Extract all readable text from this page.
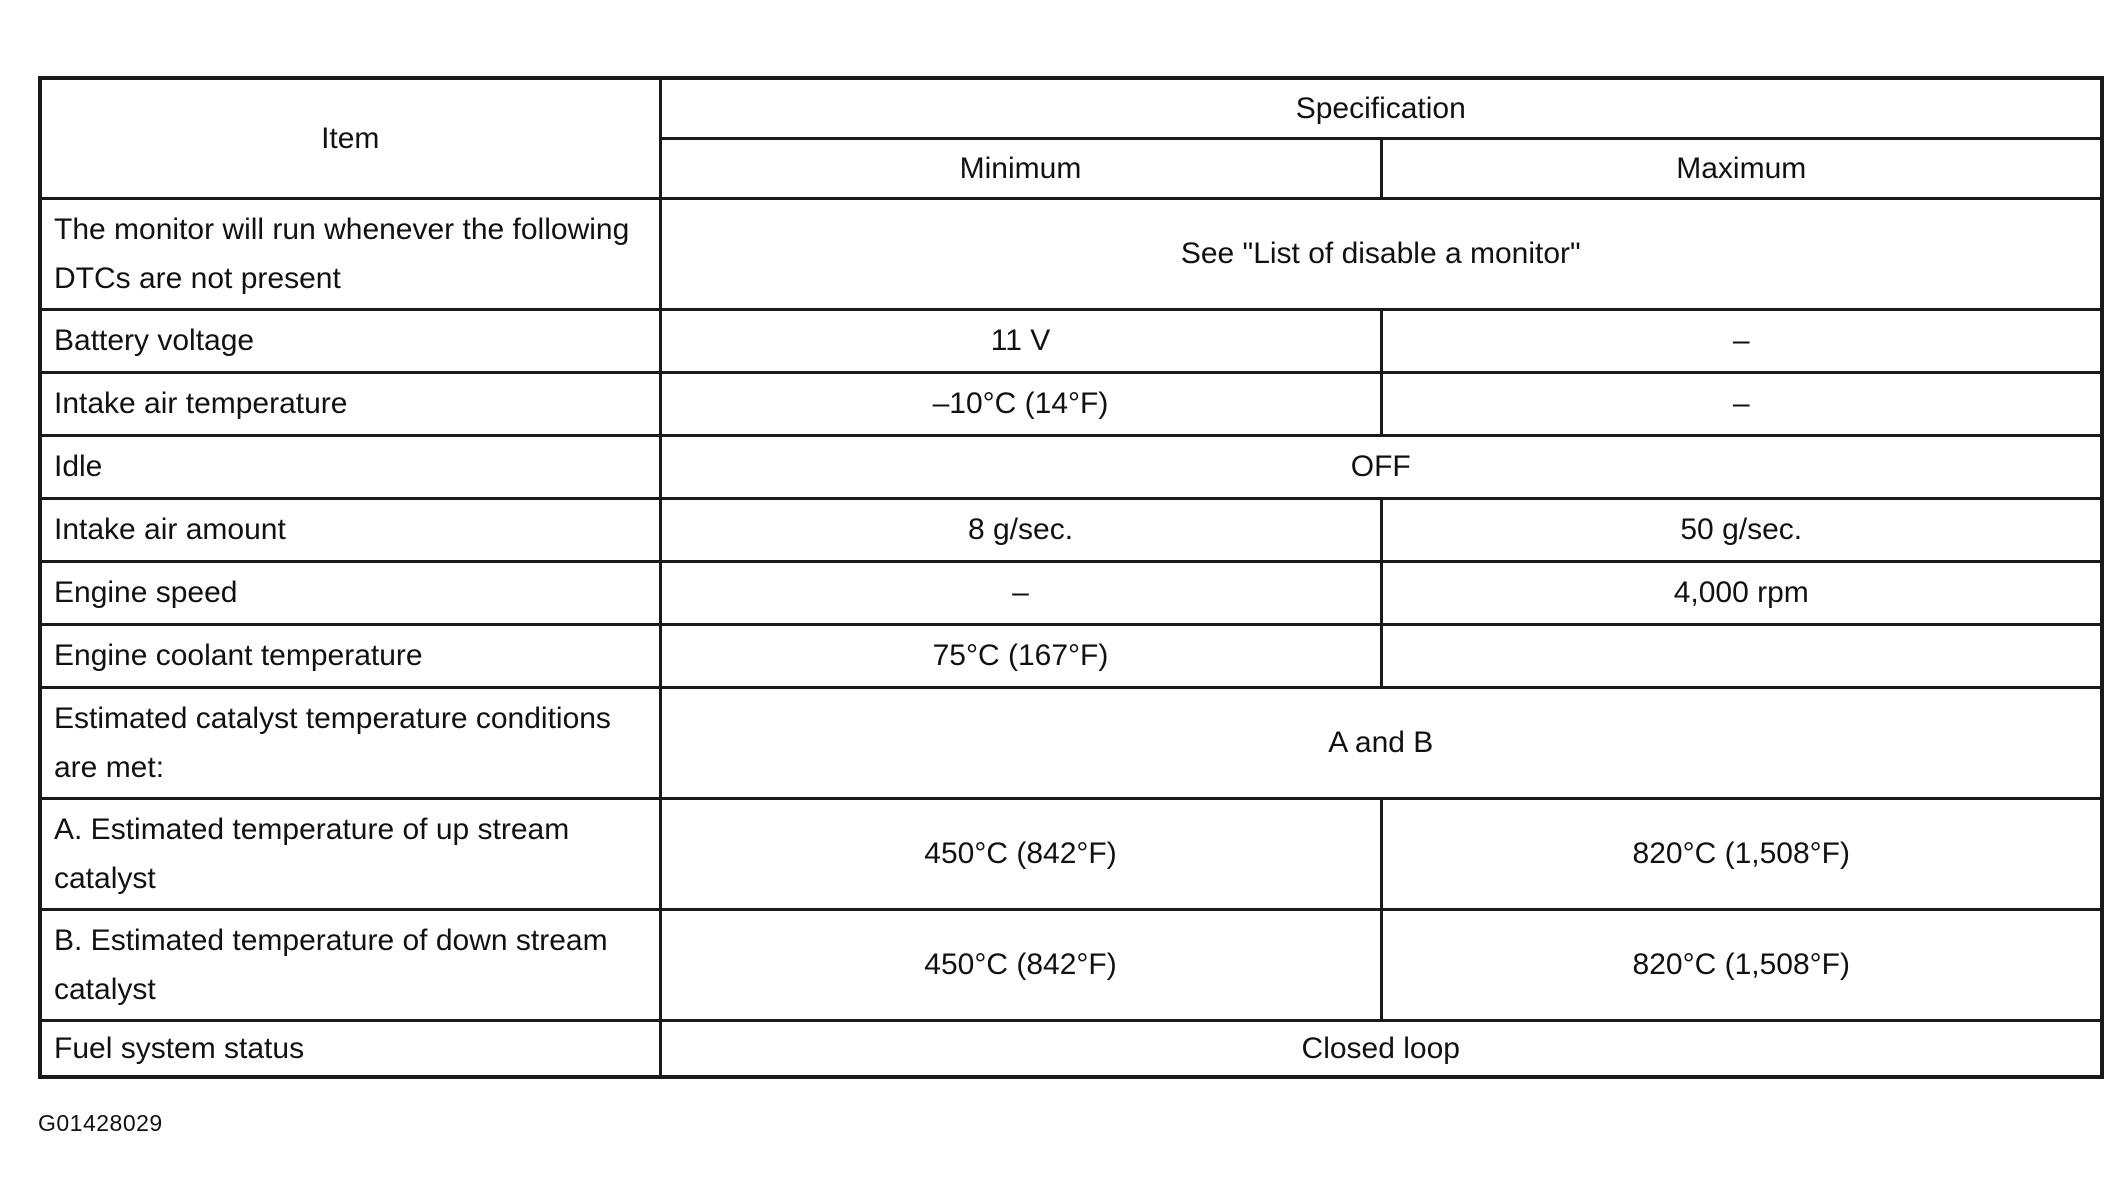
Item	Specification	
	Minimum	Maximum
The monitor will run whenever the following DTCs are not present	See "List of disable a monitor"	
Battery voltage	11 V	–
Intake air temperature	–10°C (14°F)	–
Idle	OFF	
Intake air amount	8 g/sec.	50 g/sec.
Engine speed	–	4,000 rpm
Engine coolant temperature	75°C (167°F)	
Estimated catalyst temperature conditions are met:	A and B	
A. Estimated temperature of up stream catalyst	450°C (842°F)	820°C (1,508°F)
B. Estimated temperature of down stream catalyst	450°C (842°F)	820°C (1,508°F)
Fuel system status	Closed loop	
G01428029
